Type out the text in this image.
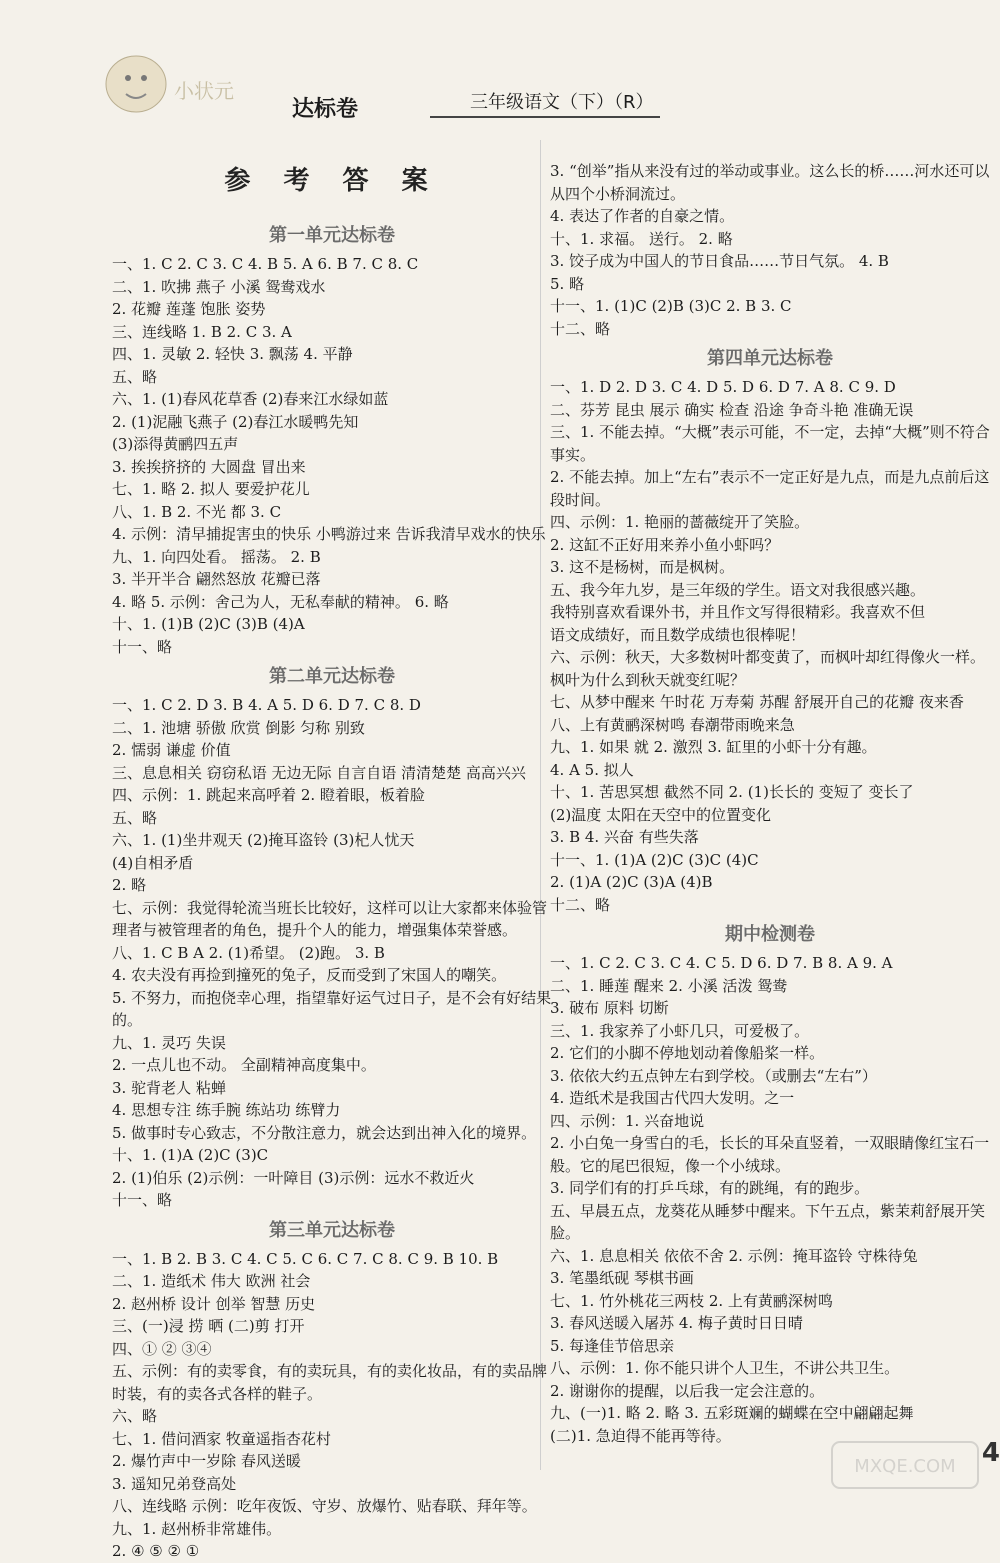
小状元
达标卷	三年级语文（下）（R）
参 考 答 案
第一单元达标卷
一、1. C 2. C 3. C 4. B 5. A 6. B 7. C 8. C
二、1. 吹拂 燕子 小溪 鸳鸯戏水
2. 花瓣 莲蓬 饱胀 姿势
三、连线略 1. B 2. C 3. A
四、1. 灵敏 2. 轻快 3. 飘荡 4. 平静
五、略
六、1. (1)春风花草香 (2)春来江水绿如蓝
2. (1)泥融飞燕子 (2)春江水暖鸭先知
(3)添得黄鹂四五声
3. 挨挨挤挤的 大圆盘 冒出来
七、1. 略 2. 拟人 要爱护花儿
八、1. B 2. 不光 都 3. C
4. 示例：清早捕捉害虫的快乐 小鸭游过来 告诉我清早戏水的快乐
九、1. 向四处看。 摇荡。 2. B
3. 半开半合 翩然怒放 花瓣已落
4. 略 5. 示例：舍己为人，无私奉献的精神。 6. 略
十、1. (1)B (2)C (3)B (4)A
十一、略
第二单元达标卷
一、1. C 2. D 3. B 4. A 5. D 6. D 7. C 8. D
二、1. 池塘 骄傲 欣赏 倒影 匀称 别致
2. 懦弱 谦虚 价值
三、息息相关 窃窃私语 无边无际 自言自语 清清楚楚 高高兴兴
四、示例：1. 跳起来高呼着 2. 瞪着眼，板着脸
五、略
六、1. (1)坐井观天 (2)掩耳盗铃 (3)杞人忧天
(4)自相矛盾
2. 略
七、示例：我觉得轮流当班长比较好，这样可以让大家都来体验管理者与被管理者的角色，提升个人的能力，增强集体荣誉感。
八、1. C B A 2. (1)希望。 (2)跑。 3. B
4. 农夫没有再捡到撞死的兔子，反而受到了宋国人的嘲笑。
5. 不努力，而抱侥幸心理，指望靠好运气过日子，是不会有好结果的。
九、1. 灵巧 失误
2. 一点儿也不动。 全副精神高度集中。
3. 驼背老人 粘蝉
4. 思想专注 练手腕 练站功 练臂力
5. 做事时专心致志，不分散注意力，就会达到出神入化的境界。
十、1. (1)A (2)C (3)C
2. (1)伯乐 (2)示例：一叶障目 (3)示例：远水不救近火
十一、略
第三单元达标卷
一、1. B 2. B 3. C 4. C 5. C 6. C 7. C 8. C 9. B 10. B
二、1. 造纸术 伟大 欧洲 社会
2. 赵州桥 设计 创举 智慧 历史
三、(一)浸 捞 晒 (二)剪 打开
四、① ② ③④
五、示例：有的卖零食，有的卖玩具，有的卖化妆品，有的卖品牌时装，有的卖各式各样的鞋子。
六、略
七、1. 借问酒家 牧童遥指杏花村
2. 爆竹声中一岁除 春风送暖
3. 遥知兄弟登高处
八、连线略 示例：吃年夜饭、守岁、放爆竹、贴春联、拜年等。
九、1. 赵州桥非常雄伟。
2. ④ ⑤ ② ①
3. “创举”指从来没有过的举动或事业。这么长的桥……河水还可以从四个小桥洞流过。
4. 表达了作者的自豪之情。
十、1. 求福。 送行。 2. 略
3. 饺子成为中国人的节日食品……节日气氛。 4. B
5. 略
十一、1. (1)C (2)B (3)C 2. B 3. C
十二、略
第四单元达标卷
一、1. D 2. D 3. C 4. D 5. D 6. D 7. A 8. C 9. D
二、芬芳 昆虫 展示 确实 检查 沿途 争奇斗艳 准确无误
三、1. 不能去掉。“大概”表示可能，不一定，去掉“大概”则不符合事实。
2. 不能去掉。加上“左右”表示不一定正好是九点，而是九点前后这段时间。
四、示例：1. 艳丽的蔷薇绽开了笑脸。
2. 这缸不正好用来养小鱼小虾吗？
3. 这不是杨树，而是枫树。
五、我今年九岁，是三年级的学生。语文对我很感兴趣。
我特别喜欢看课外书，并且作文写得很精彩。我喜欢不但
语文成绩好，而且数学成绩也很棒呢！
六、示例：秋天，大多数树叶都变黄了，而枫叶却红得像火一样。枫叶为什么到秋天就变红呢？
七、从梦中醒来 午时花 万寿菊 苏醒 舒展开自己的花瓣 夜来香
八、上有黄鹂深树鸣 春潮带雨晚来急
九、1. 如果 就 2. 激烈 3. 缸里的小虾十分有趣。
4. A 5. 拟人
十、1. 苦思冥想 截然不同 2. (1)长长的 变短了 变长了
(2)温度 太阳在天空中的位置变化
3. B 4. 兴奋 有些失落
十一、1. (1)A (2)C (3)C (4)C
2. (1)A (2)C (3)A (4)B
十二、略
期中检测卷
一、1. C 2. C 3. C 4. C 5. D 6. D 7. B 8. A 9. A
二、1. 睡莲 醒来 2. 小溪 活泼 鸳鸯
3. 破布 原料 切断
三、1. 我家养了小虾几只，可爱极了。
2. 它们的小脚不停地划动着像船桨一样。
3. 依依大约五点钟左右到学校。（或删去“左右”）
4. 造纸术是我国古代四大发明。之一
四、示例：1. 兴奋地说
2. 小白兔一身雪白的毛，长长的耳朵直竖着，一双眼睛像红宝石一般。它的尾巴很短，像一个小绒球。
3. 同学们有的打乒乓球，有的跳绳，有的跑步。
五、早晨五点，龙葵花从睡梦中醒来。下午五点，紫茉莉舒展开笑脸。
六、1. 息息相关 依依不舍 2. 示例：掩耳盗铃 守株待兔
3. 笔墨纸砚 琴棋书画
七、1. 竹外桃花三两枝 2. 上有黄鹂深树鸣
3. 春风送暖入屠苏 4. 梅子黄时日日晴
5. 每逢佳节倍思亲
八、示例：1. 你不能只讲个人卫生，不讲公共卫生。
2. 谢谢你的提醒，以后我一定会注意的。
九、(一)1. 略 2. 略 3. 五彩斑斓的蝴蝶在空中翩翩起舞
(二)1. 急迫得不能再等待。
4
MXQE.COM
